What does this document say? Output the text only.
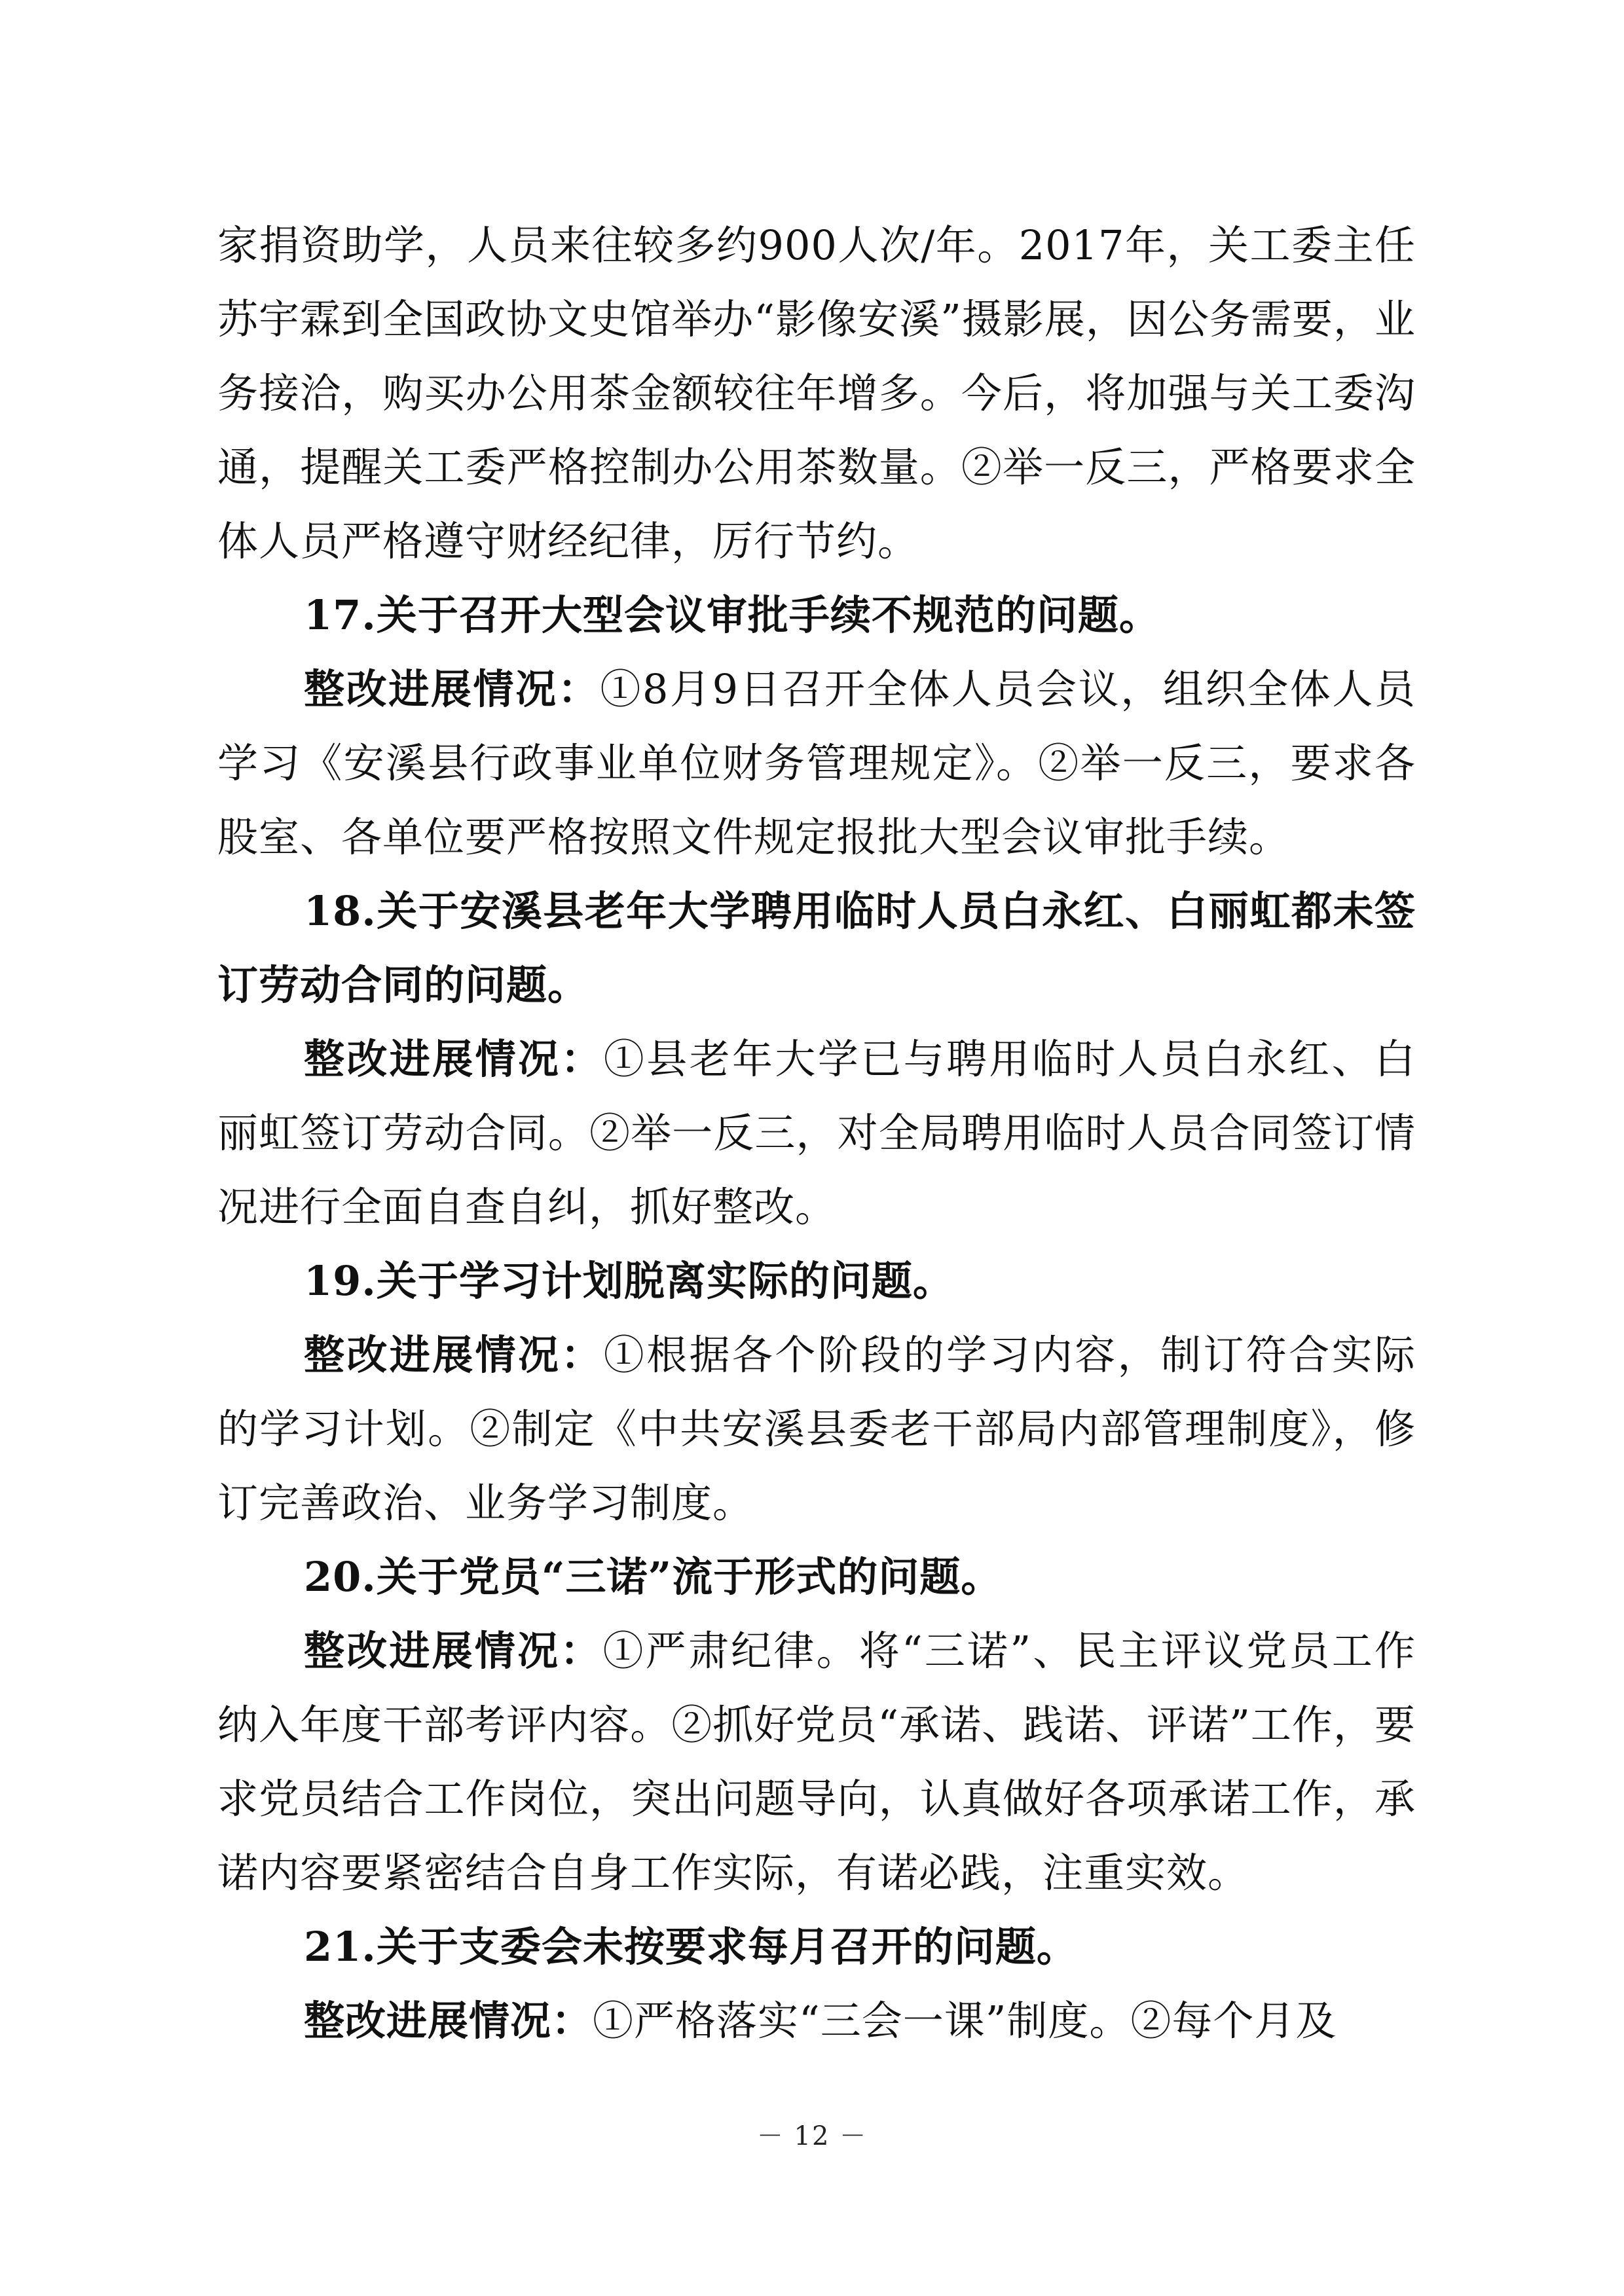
家捐资助学，人员来往较多约900人次/年。2017年，关工委主任苏宇霖到全国政协文史馆举办“影像安溪”摄影展，因公务需要，业务接洽，购买办公用茶金额较往年增多。今后，将加强与关工委沟通，提醒关工委严格控制办公用茶数量。②举一反三，严格要求全体人员严格遵守财经纪律，厉行节约。

17.关于召开大型会议审批手续不规范的问题。

整改进展情况：①8月9日召开全体人员会议，组织全体人员学习《安溪县行政事业单位财务管理规定》。②举一反三，要求各股室、各单位要严格按照文件规定报批大型会议审批手续。

18.关于安溪县老年大学聘用临时人员白永红、白丽虹都未签订劳动合同的问题。

整改进展情况：①县老年大学已与聘用临时人员白永红、白丽虹签订劳动合同。②举一反三，对全局聘用临时人员合同签订情况进行全面自查自纠，抓好整改。

19.关于学习计划脱离实际的问题。

整改进展情况：①根据各个阶段的学习内容，制订符合实际的学习计划。②制定《中共安溪县委老干部局内部管理制度》，修订完善政治、业务学习制度。

20.关于党员“三诺”流于形式的问题。

整改进展情况：①严肃纪律。将“三诺”、民主评议党员工作纳入年度干部考评内容。②抓好党员“承诺、践诺、评诺”工作，要求党员结合工作岗位，突出问题导向，认真做好各项承诺工作，承诺内容要紧密结合自身工作实际，有诺必践，注重实效。

21.关于支委会未按要求每月召开的问题。

整改进展情况：①严格落实“三会一课”制度。②每个月及

－ 12 －
